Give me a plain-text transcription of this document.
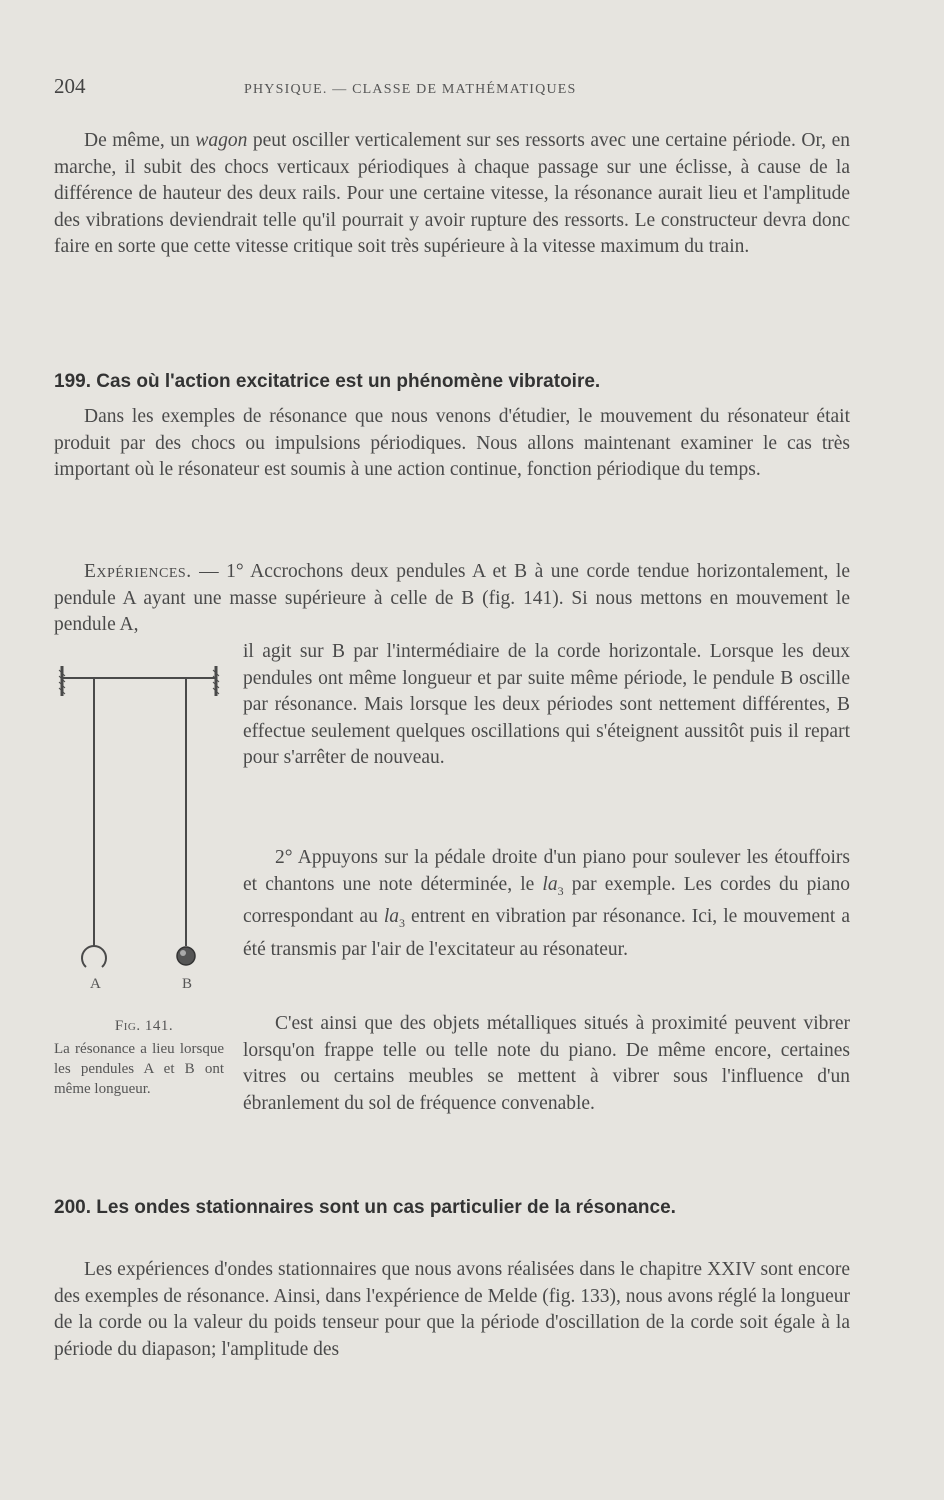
204	PHYSIQUE. — CLASSE DE MATHÉMATIQUES

De même, un wagon peut osciller verticalement sur ses ressorts avec une certaine période. Or, en marche, il subit des chocs verticaux périodiques à chaque passage sur une éclisse, à cause de la différence de hauteur des deux rails. Pour une certaine vitesse, la résonance aurait lieu et l'amplitude des vibrations deviendrait telle qu'il pourrait y avoir rupture des ressorts. Le constructeur devra donc faire en sorte que cette vitesse critique soit très supérieure à la vitesse maximum du train.

199. Cas où l'action excitatrice est un phénomène vibratoire.

Dans les exemples de résonance que nous venons d'étudier, le mouvement du résonateur était produit par des chocs ou impulsions périodiques. Nous allons maintenant examiner le cas très important où le résonateur est soumis à une action continue, fonction périodique du temps.

Expériences. — 1° Accrochons deux pendules A et B à une corde tendue horizontalement, le pendule A ayant une masse supérieure à celle de B (fig. 141). Si nous mettons en mouvement le pendule A,

A	B
Fig. 141.
La résonance a lieu lorsque les pendules A et B ont même longueur.

il agit sur B par l'intermédiaire de la corde horizontale. Lorsque les deux pendules ont même longueur et par suite même période, le pendule B oscille par résonance. Mais lorsque les deux périodes sont nettement différentes, B effectue seulement quelques oscillations qui s'éteignent aussitôt puis il repart pour s'arrêter de nouveau.

2° Appuyons sur la pédale droite d'un piano pour soulever les étouffoirs et chantons une note déterminée, le $la_3$ par exemple. Les cordes du piano correspondant au $la_3$ entrent en vibration par résonance. Ici, le mouvement a été transmis par l'air de l'excitateur au résonateur.

C'est ainsi que des objets métalliques situés à proximité peuvent vibrer lorsqu'on frappe telle ou telle note du piano. De même encore, certaines vitres ou certains meubles se mettent à vibrer sous l'influence d'un ébranlement du sol de fréquence convenable.

200. Les ondes stationnaires sont un cas particulier de la résonance.

Les expériences d'ondes stationnaires que nous avons réalisées dans le chapitre XXIV sont encore des exemples de résonance. Ainsi, dans l'expérience de Melde (fig. 133), nous avons réglé la longueur de la corde ou la valeur du poids tenseur pour que la période d'oscillation de la corde soit égale à la période du diapason; l'amplitude des
